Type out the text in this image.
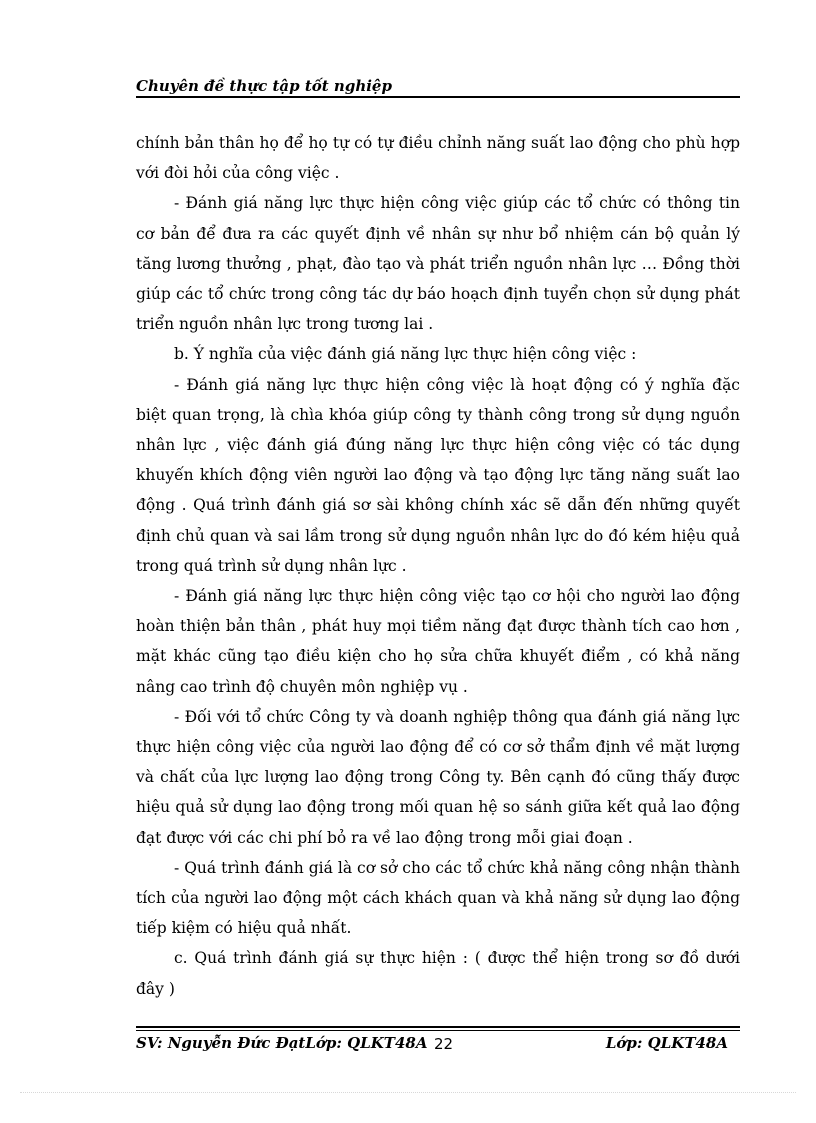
Chuyên đề thực tập tốt nghiệp

chính bản thân họ để họ tự có tự điều chỉnh năng suất lao động cho phù hợp với đòi hỏi của công việc .

- Đánh giá năng lực thực hiện công việc giúp các tổ chức có thông tin cơ bản để đưa ra các quyết định về nhân sự như bổ nhiệm cán bộ quản lý tăng lương thưởng , phạt, đào tạo và phát triển nguồn nhân lực … Đồng thời giúp các tổ chức trong công tác dự báo hoạch định tuyển chọn sử dụng phát triển nguồn nhân lực trong tương lai .

b. Ý nghĩa của việc đánh giá năng lực thực hiện công việc :

- Đánh giá năng lực thực hiện công việc là hoạt động có ý nghĩa đặc biệt quan trọng, là chìa khóa giúp công ty thành công trong sử dụng nguồn nhân lực , việc đánh giá đúng năng lực thực hiện công việc có tác dụng khuyến khích động viên người lao động và tạo động lực tăng năng suất lao động . Quá trình đánh giá sơ sài không chính xác sẽ dẫn đến những quyết định chủ quan và sai lầm trong sử dụng nguồn nhân lực do đó kém hiệu quả trong quá trình sử dụng nhân lực .

- Đánh giá năng lực thực hiện công việc tạo cơ hội cho người lao động hoàn thiện bản thân , phát huy mọi tiềm năng đạt được thành tích cao hơn , mặt khác cũng tạo điều kiện cho họ sửa chữa khuyết điểm , có khả năng nâng cao trình độ chuyên môn nghiệp vụ .

- Đối với tổ chức Công ty và doanh nghiệp thông qua đánh giá năng lực thực hiện công việc của người lao động để có cơ sở thẩm định về mặt lượng và chất của lực lượng lao động trong Công ty. Bên cạnh đó cũng thấy được hiệu quả sử dụng lao động trong mối quan hệ so sánh giữa kết quả lao động đạt được với các chi phí bỏ ra về lao động trong mỗi giai đoạn .

- Quá trình đánh giá là cơ sở cho các tổ chức khả năng công nhận thành tích của người lao động một cách khách quan và khả năng sử dụng lao động tiếp kiệm có hiệu quả nhất.

c. Quá trình đánh giá sự thực hiện : ( được thể hiện trong sơ đồ dưới đây )

SV: Nguyễn Đức ĐạtLớp: QLKT48A 22	Lớp: QLKT48A
